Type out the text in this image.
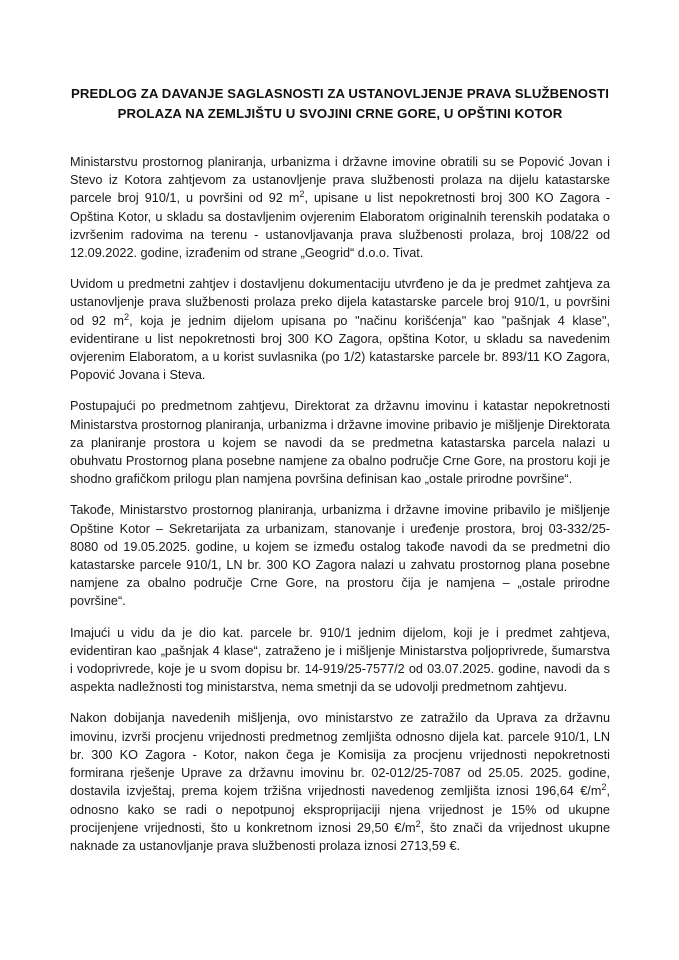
PREDLOG ZA DAVANJE SAGLASNOSTI ZA USTANOVLJENJE PRAVA SLUŽBENOSTI PROLAZA NA ZEMLJIŠTU U SVOJINI CRNE GORE, U OPŠTINI KOTOR

Ministarstvu prostornog planiranja, urbanizma i državne imovine obratili su se Popović Jovan i Stevo iz Kotora zahtjevom za ustanovljenje prava službenosti prolaza na dijelu katastarske parcele broj 910/1, u površini od 92 $m^2$, upisane u list nepokretnosti broj 300 KO Zagora - Opština Kotor, u skladu sa dostavljenim ovjerenim Elaboratom originalnih terenskih podataka o izvršenim radovima na terenu - ustanovljavanja prava službenosti prolaza, broj 108/22 od 12.09.2022. godine, izrađenim od strane „Geogrid“ d.o.o. Tivat.

Uvidom u predmetni zahtjev i dostavljenu dokumentaciju utvrđeno je da je predmet zahtjeva za ustanovljenje prava službenosti prolaza preko dijela katastarske parcele broj 910/1, u površini od 92 $m^2$, koja je jednim dijelom upisana po "načinu korišćenja" kao "pašnjak 4 klase", evidentirane u list nepokretnosti broj 300 KO Zagora, opština Kotor, u skladu sa navedenim ovjerenim Elaboratom, a u korist suvlasnika (po 1/2) katastarske parcele br. 893/11 KO Zagora, Popović Jovana i Steva.

Postupajući po predmetnom zahtjevu, Direktorat za državnu imovinu i katastar nepokretnosti Ministarstva prostornog planiranja, urbanizma i državne imovine pribavio je mišljenje Direktorata za planiranje prostora u kojem se navodi da se predmetna katastarska parcela nalazi u obuhvatu Prostornog plana posebne namjene za obalno područje Crne Gore, na prostoru koji je shodno grafičkom prilogu plan namjena površina definisan kao „ostale prirodne površine“.

Takođe, Ministarstvo prostornog planiranja, urbanizma i državne imovine pribavilo je mišljenje Opštine Kotor – Sekretarijata za urbanizam, stanovanje i uređenje prostora, broj 03-332/25-8080 od 19.05.2025. godine, u kojem se između ostalog takođe navodi da se predmetni dio katastarske parcele 910/1, LN br. 300 KO Zagora nalazi u zahvatu prostornog plana posebne namjene za obalno područje Crne Gore, na prostoru čija je namjena – „ostale prirodne površine“.

Imajući u vidu da je dio kat. parcele br. 910/1 jednim dijelom, koji je i predmet zahtjeva, evidentiran kao „pašnjak 4 klase“, zatraženo je i mišljenje Ministarstva poljoprivrede, šumarstva i vodoprivrede, koje je u svom dopisu br. 14-919/25-7577/2 od 03.07.2025. godine, navodi da s aspekta nadležnosti tog ministarstva, nema smetnji da se udovolji predmetnom zahtjevu.

Nakon dobijanja navedenih mišljenja, ovo ministarstvo ze zatražilo da Uprava za državnu imovinu, izvrši procjenu vrijednosti predmetnog zemljišta odnosno dijela kat. parcele 910/1, LN br. 300 KO Zagora - Kotor, nakon čega je Komisija za procjenu vrijednosti nepokretnosti formirana rješenje Uprave za državnu imovinu br. 02-012/25-7087 od 25.05. 2025. godine, dostavila izvještaj, prema kojem tržišna vrijednosti navedenog zemljišta iznosi 196,64 $€/m^2$, odnosno kako se radi o nepotpunoj eksproprijaciji njena vrijednost je 15% od ukupne procijenjene vrijednosti, što u konkretnom iznosi 29,50 $€/m^2$, što znači da vrijednost ukupne naknade za ustanovljanje prava službenosti prolaza iznosi 2713,59 €.
